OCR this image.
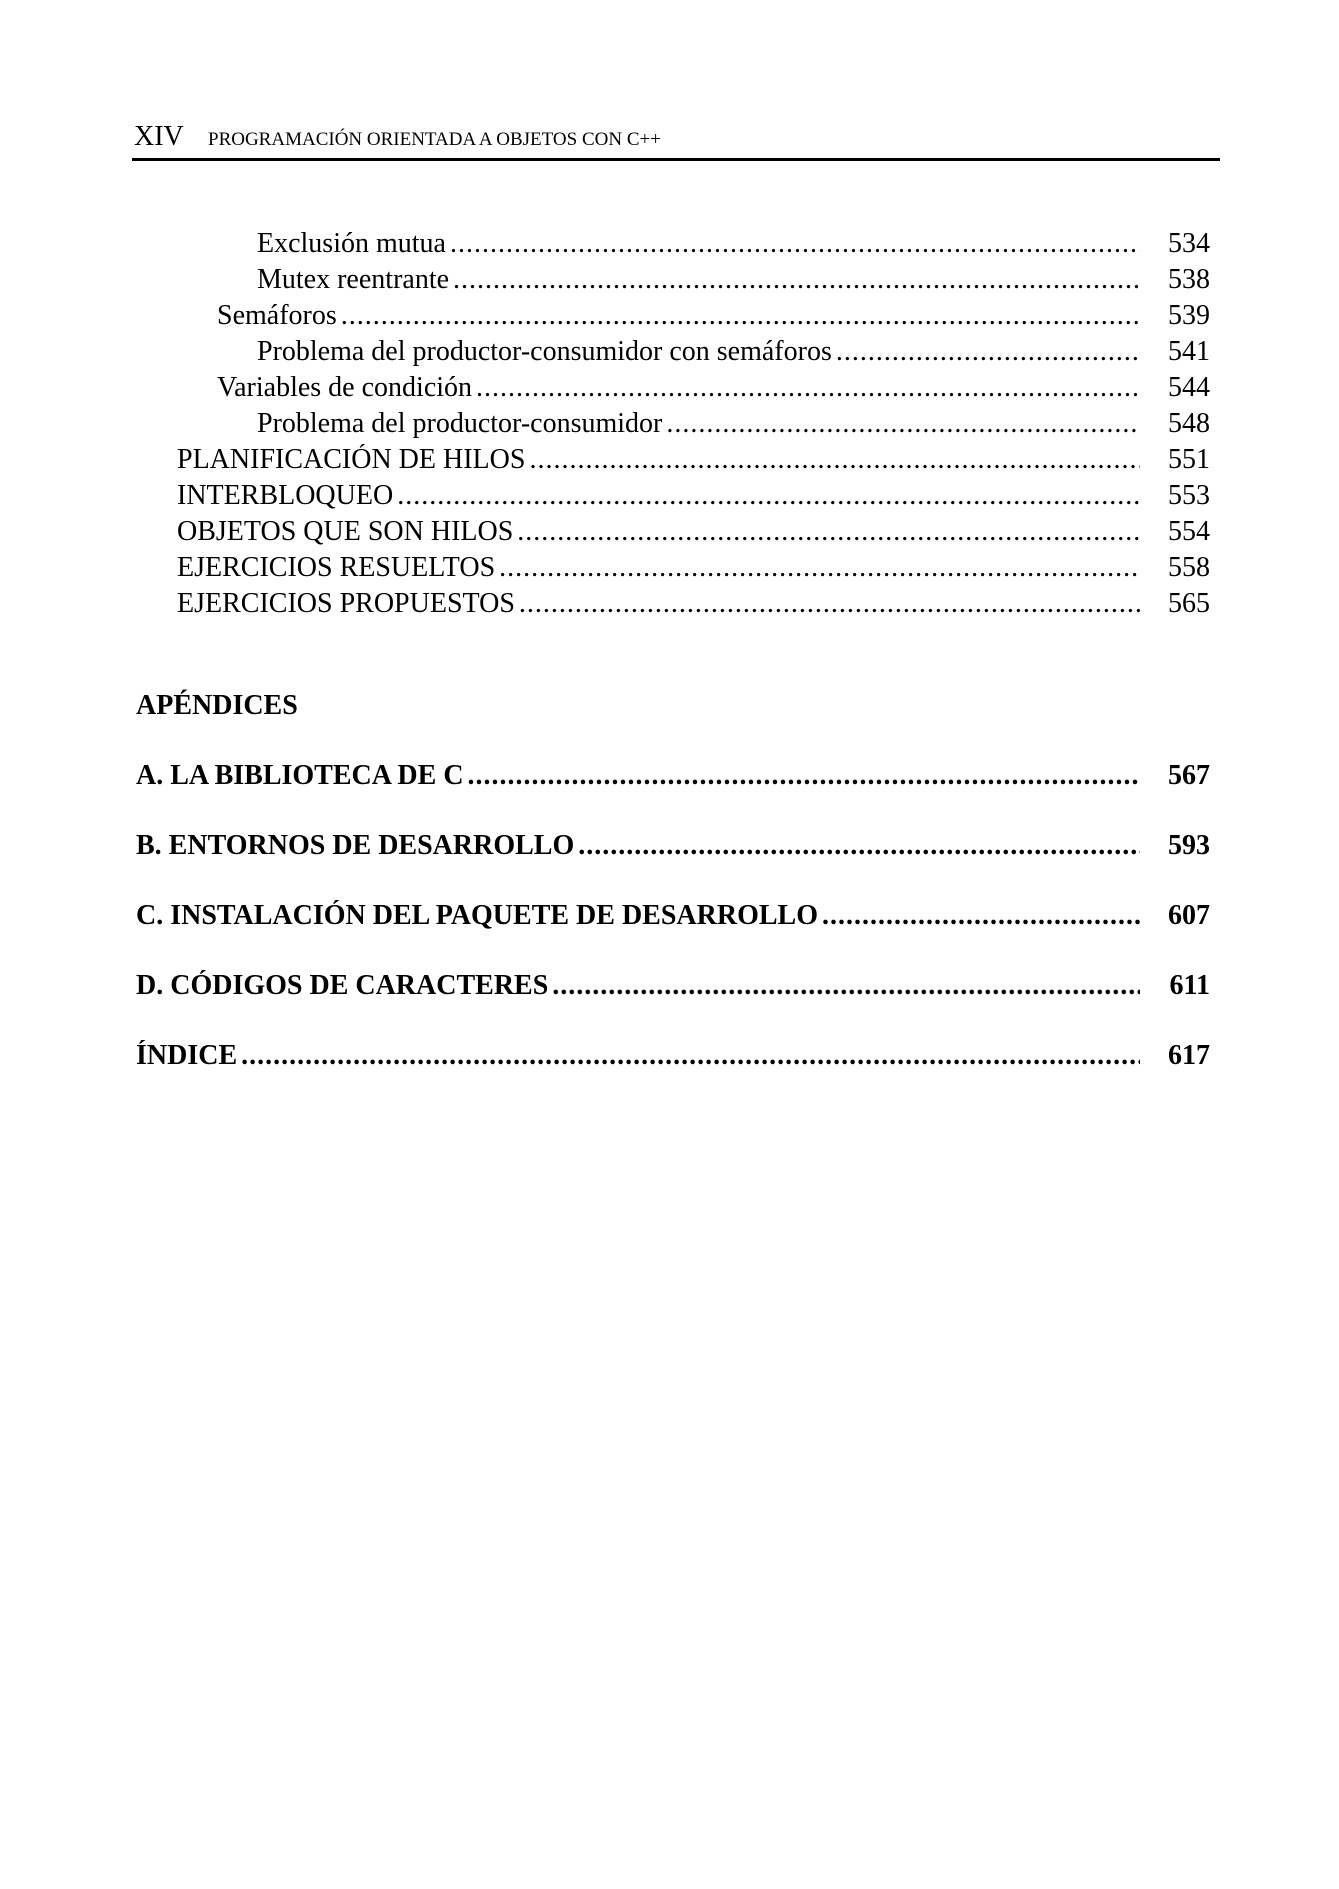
XIV PROGRAMACIÓN ORIENTADA A OBJETOS CON C++
Exclusión mutua .....	534
Mutex reentrante .....	538
Semáforos .....	539
Problema del productor-consumidor con semáforos .....	541
Variables de condición .....	544
Problema del productor-consumidor .....	548
PLANIFICACIÓN DE HILOS .....	551
INTERBLOQUEO .....	553
OBJETOS QUE SON HILOS .....	554
EJERCICIOS RESUELTOS .....	558
EJERCICIOS PROPUESTOS .....	565
APÉNDICES
A. LA BIBLIOTECA DE C .....	567
B. ENTORNOS DE DESARROLLO .....	593
C. INSTALACIÓN DEL PAQUETE DE DESARROLLO .....	607
D. CÓDIGOS DE CARACTERES .....	611
ÍNDICE .....	617
